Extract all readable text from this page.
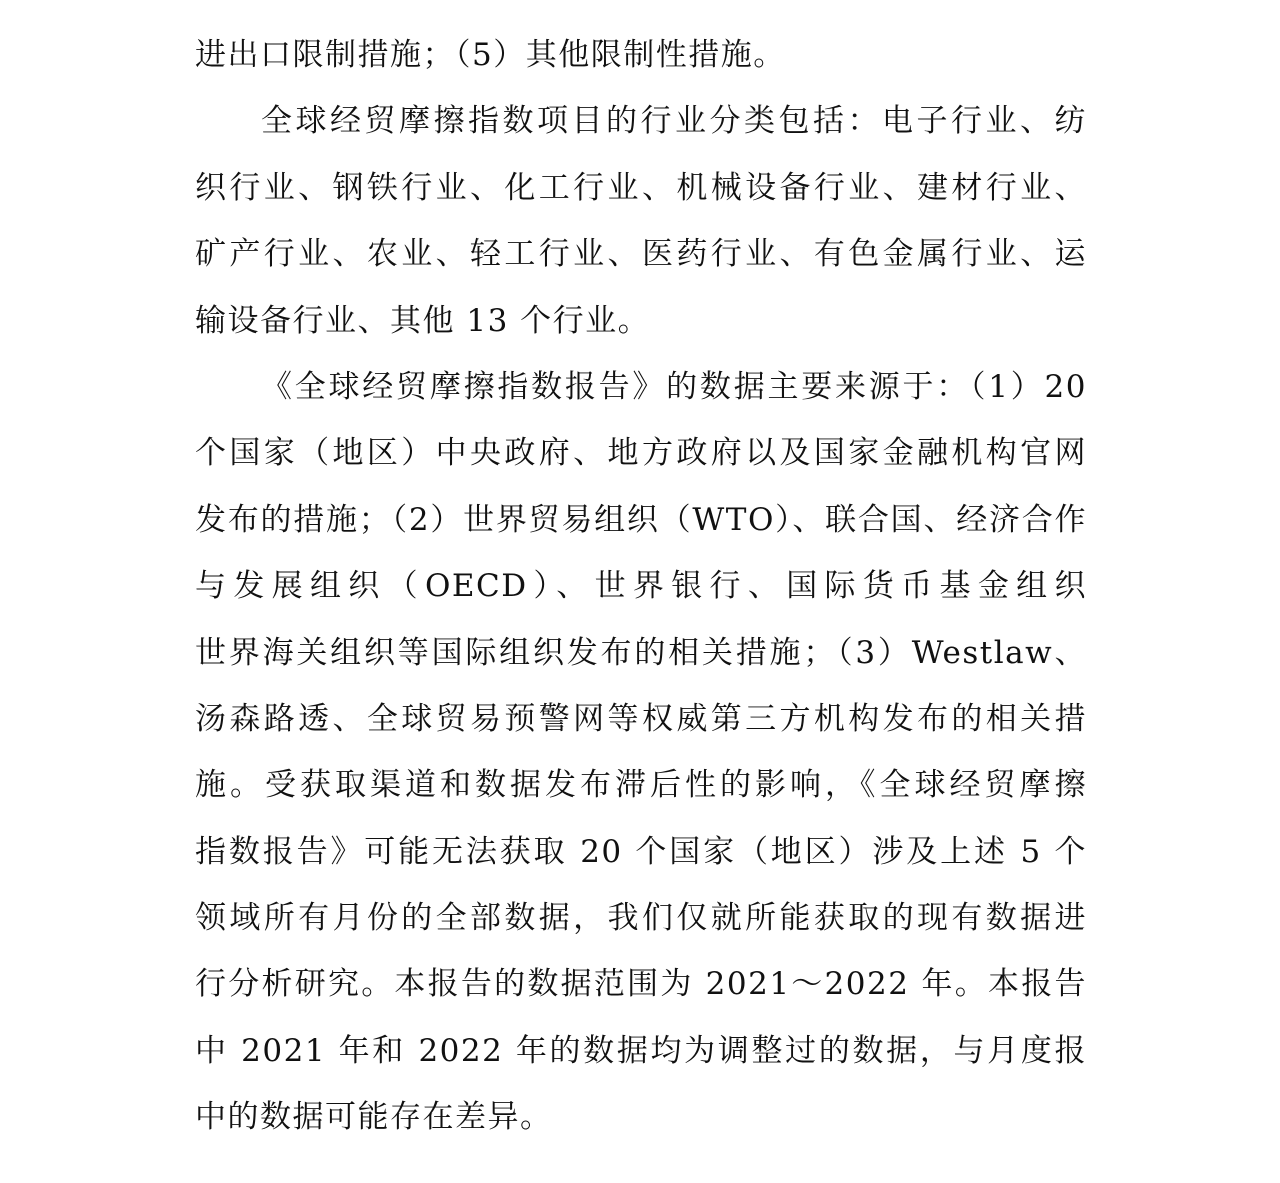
进出口限制措施；（5）其他限制性措施。
全球经贸摩擦指数项目的行业分类包括：电子行业、纺
织行业、钢铁行业、化工行业、机械设备行业、建材行业、
矿产行业、农业、轻工行业、医药行业、有色金属行业、运
输设备行业、其他 13 个行业。
《全球经贸摩擦指数报告》的数据主要来源于：（1）20
个国家（地区）中央政府、地方政府以及国家金融机构官网
发布的措施；（2）世界贸易组织（WTO）、联合国、经济合作
与发展组织（OECD）、世界银行、国际货币基金组织
世界海关组织等国际组织发布的相关措施；（3）Westlaw、
汤森路透、全球贸易预警网等权威第三方机构发布的相关措
施。受获取渠道和数据发布滞后性的影响，《全球经贸摩擦
指数报告》可能无法获取 20 个国家（地区）涉及上述 5 个
领域所有月份的全部数据，我们仅就所能获取的现有数据进
行分析研究。本报告的数据范围为 2021～2022 年。本报告
中 2021 年和 2022 年的数据均为调整过的数据，与月度报
中的数据可能存在差异。
